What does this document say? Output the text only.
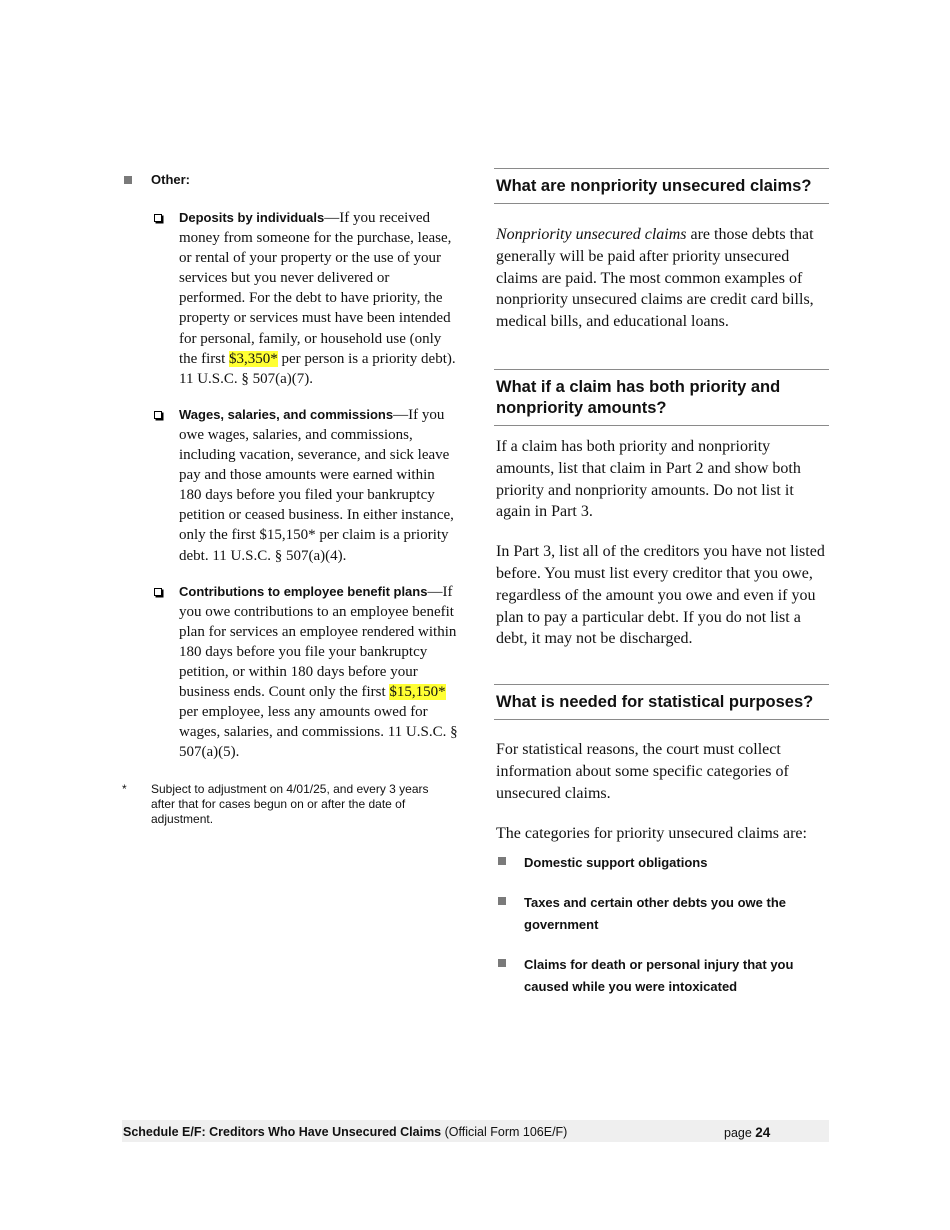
Other:
Deposits by individuals—If you received money from someone for the purchase, lease, or rental of your property or the use of your services but you never delivered or performed. For the debt to have priority, the property or services must have been intended for personal, family, or household use (only the first $3,350* per person is a priority debt). 11 U.S.C. § 507(a)(7).
Wages, salaries, and commissions—If you owe wages, salaries, and commissions, including vacation, severance, and sick leave pay and those amounts were earned within 180 days before you filed your bankruptcy petition or ceased business. In either instance, only the first $15,150* per claim is a priority debt. 11 U.S.C. § 507(a)(4).
Contributions to employee benefit plans—If you owe contributions to an employee benefit plan for services an employee rendered within 180 days before you file your bankruptcy petition, or within 180 days before your business ends. Count only the first $15,150* per employee, less any amounts owed for wages, salaries, and commissions. 11 U.S.C. § 507(a)(5).
* Subject to adjustment on 4/01/25, and every 3 years after that for cases begun on or after the date of adjustment.
What are nonpriority unsecured claims?

Nonpriority unsecured claims are those debts that generally will be paid after priority unsecured claims are paid. The most common examples of nonpriority unsecured claims are credit card bills, medical bills, and educational loans.

What if a claim has both priority and nonpriority amounts?

If a claim has both priority and nonpriority amounts, list that claim in Part 2 and show both priority and nonpriority amounts. Do not list it again in Part 3.

In Part 3, list all of the creditors you have not listed before. You must list every creditor that you owe, regardless of the amount you owe and even if you plan to pay a particular debt. If you do not list a debt, it may not be discharged.

What is needed for statistical purposes?

For statistical reasons, the court must collect information about some specific categories of unsecured claims.

The categories for priority unsecured claims are:

Domestic support obligations
Taxes and certain other debts you owe the government
Claims for death or personal injury that you caused while you were intoxicated
Schedule E/F: Creditors Who Have Unsecured Claims (Official Form 106E/F)	page 24
